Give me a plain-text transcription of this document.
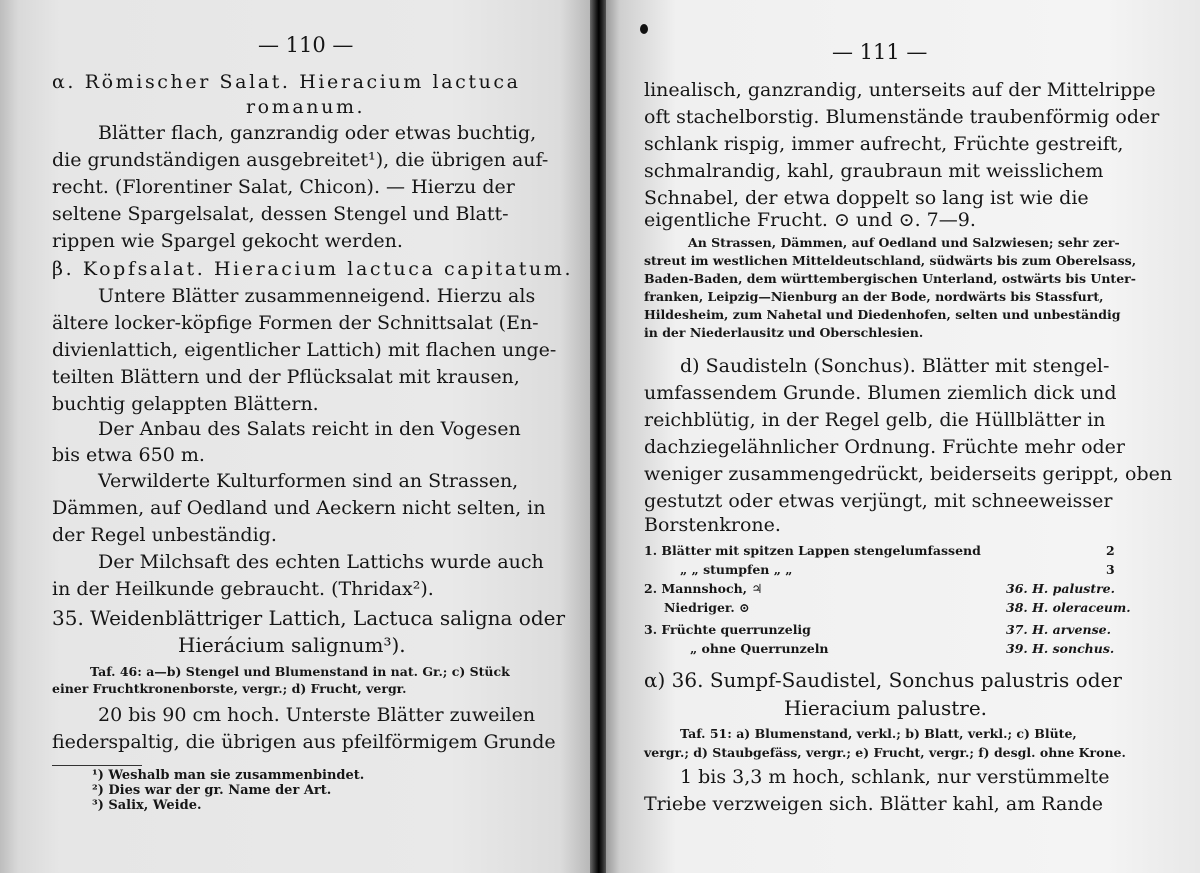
— 110 —
α. Römischer Salat. Hieracium lactuca
romanum.
Blätter flach, ganzrandig oder etwas buchtig,
die grundständigen ausgebreitet¹), die übrigen auf-
recht. (Florentiner Salat, Chicon). — Hierzu der
seltene Spargelsalat, dessen Stengel und Blatt-
rippen wie Spargel gekocht werden.
β. Kopfsalat. Hieracium lactuca capitatum.
Untere Blätter zusammenneigend. Hierzu als
ältere locker-köpfige Formen der Schnittsalat (En-
divienlattich, eigentlicher Lattich) mit flachen unge-
teilten Blättern und der Pflücksalat mit krausen,
buchtig gelappten Blättern.
Der Anbau des Salats reicht in den Vogesen
bis etwa 650 m.
Verwilderte Kulturformen sind an Strassen,
Dämmen, auf Oedland und Aeckern nicht selten, in
der Regel unbeständig.
Der Milchsaft des echten Lattichs wurde auch
in der Heilkunde gebraucht. (Thridax²).
35. Weidenblättriger Lattich, Lactuca saligna oder
Hierácium salignum³).
Taf. 46: a—b) Stengel und Blumenstand in nat. Gr.; c) Stück
einer Fruchtkronenborste, vergr.; d) Frucht, vergr.
20 bis 90 cm hoch. Unterste Blätter zuweilen
fiederspaltig, die übrigen aus pfeilförmigem Grunde
¹) Weshalb man sie zusammenbindet.
²) Dies war der gr. Name der Art.
³) Salix, Weide.
— 111 —
linealisch, ganzrandig, unterseits auf der Mittelrippe
oft stachelborstig. Blumenstände traubenförmig oder
schlank rispig, immer aufrecht, Früchte gestreift,
schmalrandig, kahl, graubraun mit weisslichem
Schnabel, der etwa doppelt so lang ist wie die
eigentliche Frucht. ⊙ und ⊙. 7—9.
An Strassen, Dämmen, auf Oedland und Salzwiesen; sehr zer-
streut im westlichen Mitteldeutschland, südwärts bis zum Oberelsass,
Baden-Baden, dem württembergischen Unterland, ostwärts bis Unter-
franken, Leipzig—Nienburg an der Bode, nordwärts bis Stassfurt,
Hildesheim, zum Nahetal und Diedenhofen, selten und unbeständig
in der Niederlausitz und Oberschlesien.
d) Saudisteln (Sonchus). Blätter mit stengel-
umfassendem Grunde. Blumen ziemlich dick und
reichblütig, in der Regel gelb, die Hüllblätter in
dachziegelähnlicher Ordnung. Früchte mehr oder
weniger zusammengedrückt, beiderseits gerippt, oben
gestutzt oder etwas verjüngt, mit schneeweisser
Borstenkrone.
1. Blätter mit spitzen Lappen stengelumfassend	2
„ „ stumpfen „ „	3
2. Mannshoch, ♃	36. H. palustre.
Niedriger. ⊙	38. H. oleraceum.
3. Früchte querrunzelig	37. H. arvense.
„ ohne Querrunzeln	39. H. sonchus.
α) 36. Sumpf-Saudistel, Sonchus palustris oder
Hieracium palustre.
Taf. 51: a) Blumenstand, verkl.; b) Blatt, verkl.; c) Blüte,
vergr.; d) Staubgefäss, vergr.; e) Frucht, vergr.; f) desgl. ohne Krone.
1 bis 3,3 m hoch, schlank, nur verstümmelte
Triebe verzweigen sich. Blätter kahl, am Rande
